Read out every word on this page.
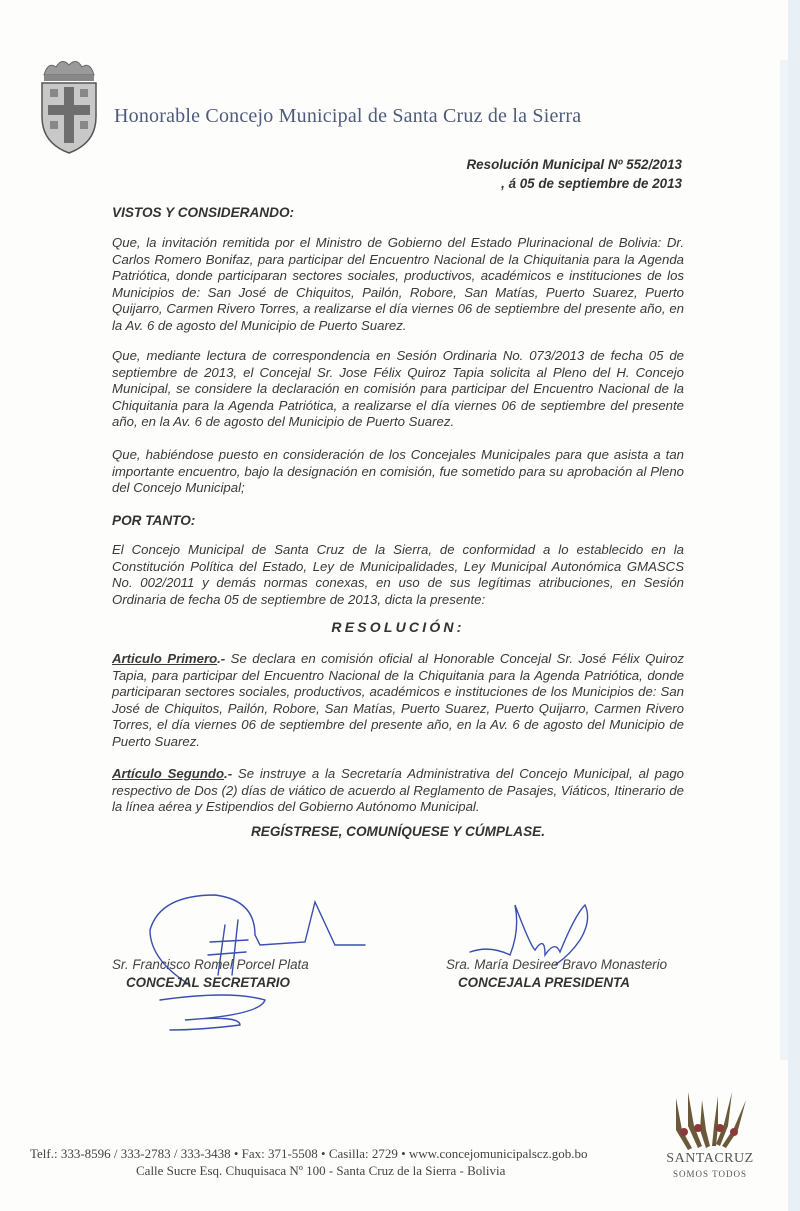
Honorable Concejo Municipal de Santa Cruz de la Sierra
Resolución Municipal Nº 552/2013
, á 05 de septiembre de 2013

VISTOS Y CONSIDERANDO:

Que, la invitación remitida por el Ministro de Gobierno del Estado Plurinacional de Bolivia: Dr. Carlos Romero Bonifaz, para participar del Encuentro Nacional de la Chiquitania para la Agenda Patriótica, donde participaran sectores sociales, productivos, académicos e instituciones de los Municipios de: San José de Chiquitos, Pailón, Robore, San Matías, Puerto Suarez, Puerto Quijarro, Carmen Rivero Torres, a realizarse el día viernes 06 de septiembre del presente año, en la Av. 6 de agosto del Municipio de Puerto Suarez.

Que, mediante lectura de correspondencia en Sesión Ordinaria No. 073/2013 de fecha 05 de septiembre de 2013, el Concejal Sr. Jose Félix Quiroz Tapia solicita al Pleno del H. Concejo Municipal, se considere la declaración en comisión para participar del Encuentro Nacional de la Chiquitania para la Agenda Patriótica, a realizarse el día viernes 06 de septiembre del presente año, en la Av. 6 de agosto del Municipio de Puerto Suarez.

Que, habiéndose puesto en consideración de los Concejales Municipales para que asista a tan importante encuentro, bajo la designación en comisión, fue sometido para su aprobación al Pleno del Concejo Municipal;

POR TANTO:

El Concejo Municipal de Santa Cruz de la Sierra, de conformidad a lo establecido en la Constitución Política del Estado, Ley de Municipalidades, Ley Municipal Autonómica GMASCS No. 002/2011 y demás normas conexas, en uso de sus legítimas atribuciones, en Sesión Ordinaria de fecha 05 de septiembre de 2013, dicta la presente:

RESOLUCIÓN:

Articulo Primero.- Se declara en comisión oficial al Honorable Concejal Sr. José Félix Quiroz Tapia, para participar del Encuentro Nacional de la Chiquitania para la Agenda Patriótica, donde participaran sectores sociales, productivos, académicos e instituciones de los Municipios de: San José de Chiquitos, Pailón, Robore, San Matías, Puerto Suarez, Puerto Quijarro, Carmen Rivero Torres, el día viernes 06 de septiembre del presente año, en la Av. 6 de agosto del Municipio de Puerto Suarez.

Artículo Segundo.- Se instruye a la Secretaría Administrativa del Concejo Municipal, al pago respectivo de Dos (2) días de viático de acuerdo al Reglamento de Pasajes, Viáticos, Itinerario de la línea aérea y Estipendios del Gobierno Autónomo Municipal.

REGÍSTRESE, COMUNÍQUESE Y CÚMPLASE.
Sr. Francisco Romel Porcel Plata
CONCEJAL SECRETARIO
Sra. María Desiree Bravo Monasterio
CONCEJALA PRESIDENTA
Telf.: 333-8596 / 333-2783 / 333-3438 • Fax: 371-5508 • Casilla: 2729 • www.concejomunicipalscz.gob.bo
Calle Sucre Esq. Chuquisaca Nº 100 - Santa Cruz de la Sierra - Bolivia
SANTACRUZ
SOMOS TODOS
